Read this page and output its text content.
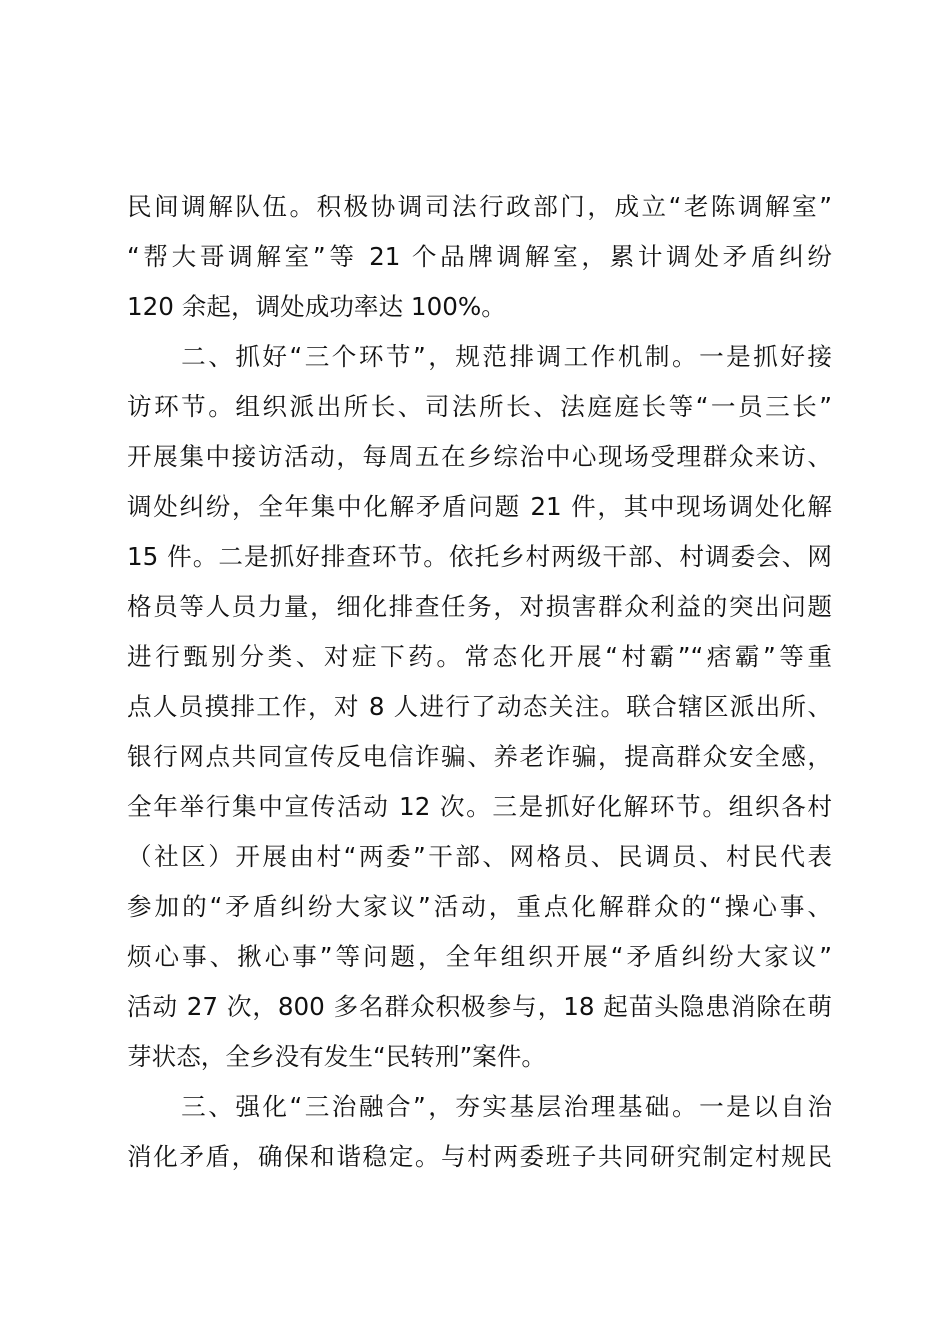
民间调解队伍。积极协调司法行政部门，成立“老陈调解室”
“帮大哥调解室”等 21 个品牌调解室，累计调处矛盾纠纷
120 余起，调处成功率达 100%。
　　二、抓好“三个环节”，规范排调工作机制。一是抓好接
访环节。组织派出所长、司法所长、法庭庭长等“一员三长”
开展集中接访活动，每周五在乡综治中心现场受理群众来访、
调处纠纷，全年集中化解矛盾问题 21 件，其中现场调处化解
15 件。二是抓好排查环节。依托乡村两级干部、村调委会、网
格员等人员力量，细化排查任务，对损害群众利益的突出问题
进行甄别分类、对症下药。常态化开展“村霸”“痞霸”等重
点人员摸排工作，对 8 人进行了动态关注。联合辖区派出所、
银行网点共同宣传反电信诈骗、养老诈骗，提高群众安全感，
全年举行集中宣传活动 12 次。三是抓好化解环节。组织各村
（社区）开展由村“两委”干部、网格员、民调员、村民代表
参加的“矛盾纠纷大家议”活动，重点化解群众的“操心事、
烦心事、揪心事”等问题，全年组织开展“矛盾纠纷大家议”
活动 27 次，800 多名群众积极参与，18 起苗头隐患消除在萌
芽状态，全乡没有发生“民转刑”案件。
　　三、强化“三治融合”，夯实基层治理基础。一是以自治
消化矛盾，确保和谐稳定。与村两委班子共同研究制定村规民
